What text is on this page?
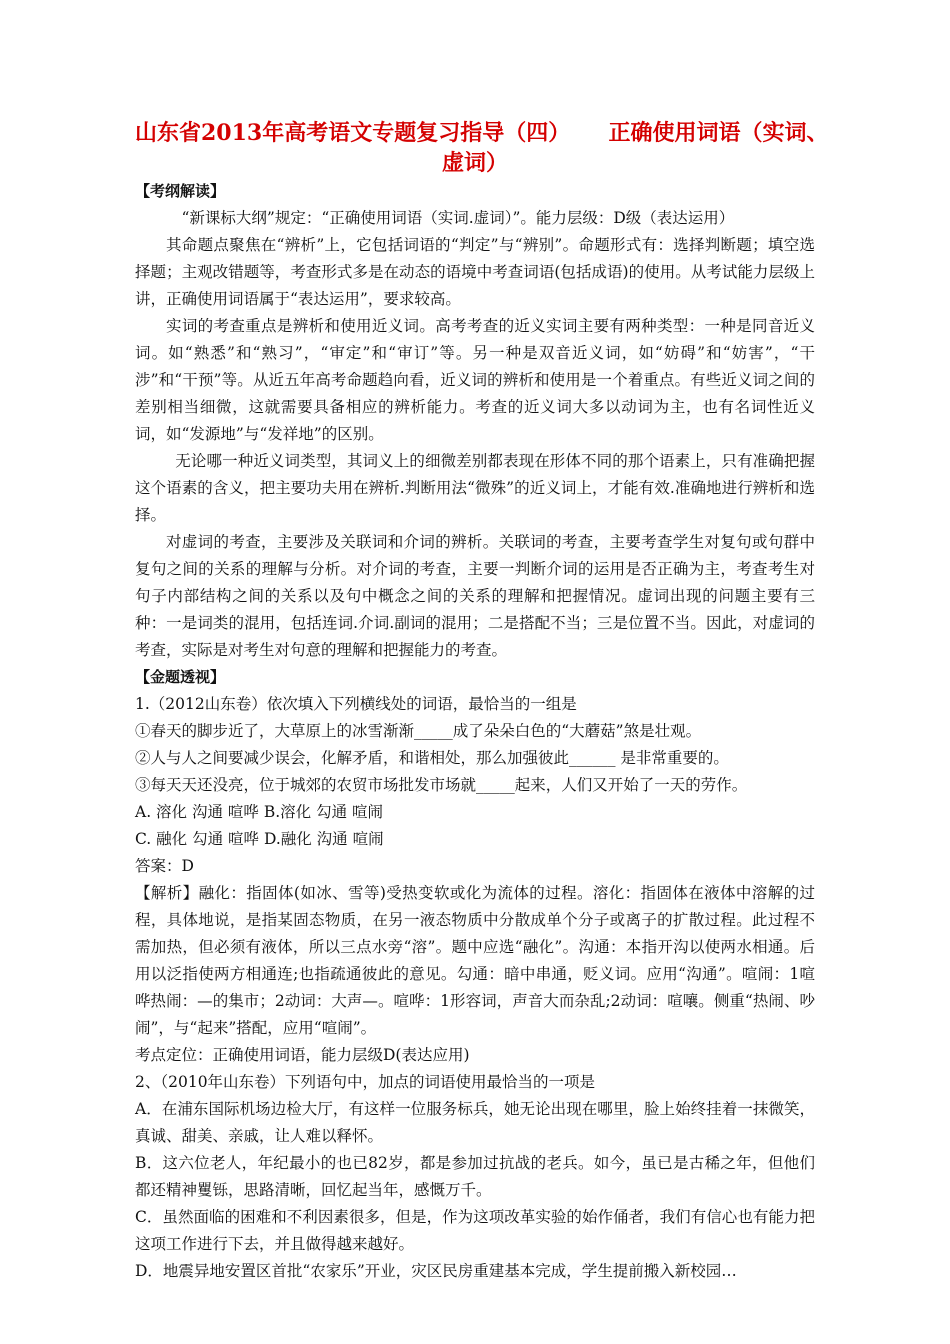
山东省2013年高考语文专题复习指导（四）     正确使用词语（实词、
虚词）

【考纲解读】

“新课标大纲”规定：“正确使用词语（实词.虚词）”。能力层级：D级（表达运用）

其命题点聚焦在“辨析”上，它包括词语的“判定”与“辨别”。命题形式有：选择判断题；填空选择题；主观改错题等，考查形式多是在动态的语境中考查词语(包括成语)的使用。从考试能力层级上讲，正确使用词语属于“表达运用”，要求较高。

实词的考查重点是辨析和使用近义词。高考考查的近义实词主要有两种类型：一种是同音近义词。如“熟悉”和“熟习”，“审定”和“审订”等。另一种是双音近义词，如“妨碍”和“妨害”，“干涉”和“干预”等。从近五年高考命题趋向看，近义词的辨析和使用是一个着重点。有些近义词之间的差别相当细微，这就需要具备相应的辨析能力。考查的近义词大多以动词为主，也有名词性近义词，如“发源地”与“发祥地”的区别。

无论哪一种近义词类型，其词义上的细微差别都表现在形体不同的那个语素上，只有准确把握这个语素的含义，把主要功夫用在辨析.判断用法“微殊”的近义词上，才能有效.准确地进行辨析和选择。

对虚词的考查，主要涉及关联词和介词的辨析。关联词的考查，主要考查学生对复句或句群中复句之间的关系的理解与分析。对介词的考查，主要一判断介词的运用是否正确为主，考查考生对句子内部结构之间的关系以及句中概念之间的关系的理解和把握情况。虚词出现的问题主要有三种：一是词类的混用，包括连词.介词.副词的混用；二是搭配不当；三是位置不当。因此，对虚词的考查，实际是对考生对句意的理解和把握能力的考查。

【金题透视】

1.（2012山东卷）依次填入下列横线处的词语，最恰当的一组是

①春天的脚步近了，大草原上的冰雪渐渐_____成了朵朵白色的“大蘑菇”煞是壮观。

②人与人之间要减少误会，化解矛盾，和谐相处，那么加强彼此______ 是非常重要的。

③每天天还没亮，位于城郊的农贸市场批发市场就_____起来，人们又开始了一天的劳作。

A. 溶化 沟通 喧哗 B.溶化 勾通 喧闹

C. 融化 勾通 喧哗 D.融化 沟通 喧闹

答案：D

【解析】融化：指固体(如冰、雪等)受热变软或化为流体的过程。溶化：指固体在液体中溶解的过程，具体地说，是指某固态物质，在另一液态物质中分散成单个分子或离子的扩散过程。此过程不需加热，但必须有液体，所以三点水旁“溶”。题中应选“融化”。沟通：本指开沟以使两水相通。后用以泛指使两方相通连;也指疏通彼此的意见。勾通：暗中串通，贬义词。应用“沟通”。喧闹：1喧哗热闹：—的集市；2动词：大声—。喧哗：1形容词，声音大而杂乱;2动词：喧嚷。侧重“热闹、吵闹”，与“起来”搭配，应用“喧闹”。

考点定位：正确使用词语，能力层级D(表达应用)

2、（2010年山东卷）下列语句中，加点的词语使用最恰当的一项是

A．在浦东国际机场边检大厅，有这样一位服务标兵，她无论出现在哪里，脸上始终挂着一抹微笑，真诚、甜美、亲戚，让人难以释怀。

B．这六位老人，年纪最小的也已82岁，都是参加过抗战的老兵。如今，虽已是古稀之年，但他们都还精神矍铄，思路清晰，回忆起当年，感慨万千。

C．虽然面临的困难和不利因素很多，但是，作为这项改革实验的始作俑者，我们有信心也有能力把这项工作进行下去，并且做得越来越好。

D．地震异地安置区首批“农家乐”开业，灾区民房重建基本完成，学生提前搬入新校园…
